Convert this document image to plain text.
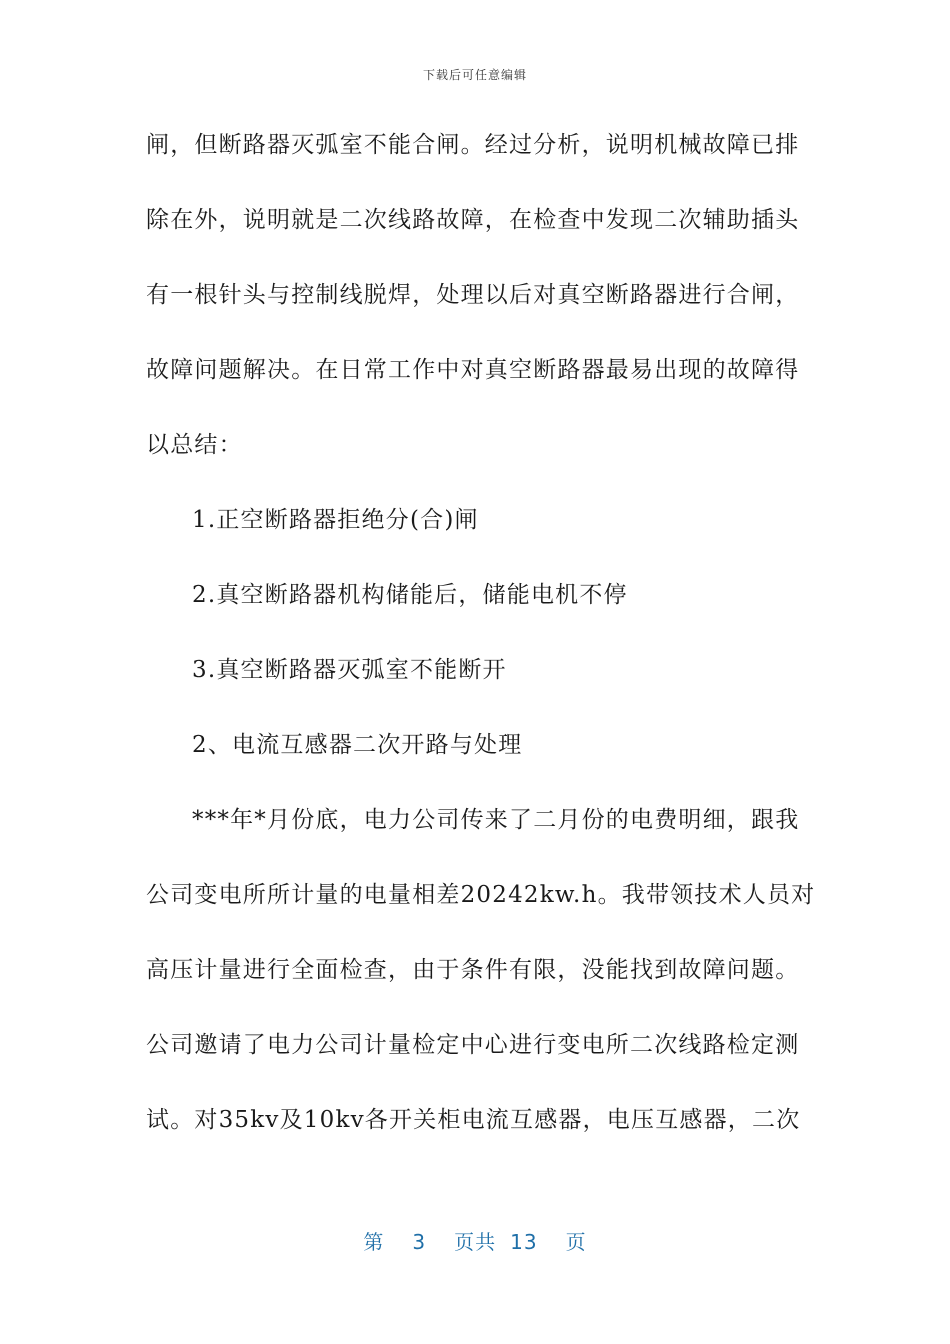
下载后可任意编辑
闸，但断路器灭弧室不能合闸。经过分析，说明机械故障已排
除在外，说明就是二次线路故障，在检查中发现二次辅助插头
有一根针头与控制线脱焊，处理以后对真空断路器进行合闸，
故障问题解决。在日常工作中对真空断路器最易出现的故障得
以总结：
1.正空断路器拒绝分(合)闸
2.真空断路器机构储能后，储能电机不停
3.真空断路器灭弧室不能断开
2、电流互感器二次开路与处理
***年*月份底，电力公司传来了二月份的电费明细，跟我
公司变电所所计量的电量相差20242kw.h。我带领技术人员对
高压计量进行全面检查，由于条件有限，没能找到故障问题。
公司邀请了电力公司计量检定中心进行变电所二次线路检定测
试。对35kv及10kv各开关柜电流互感器，电压互感器，二次
第 3 页共 13 页
